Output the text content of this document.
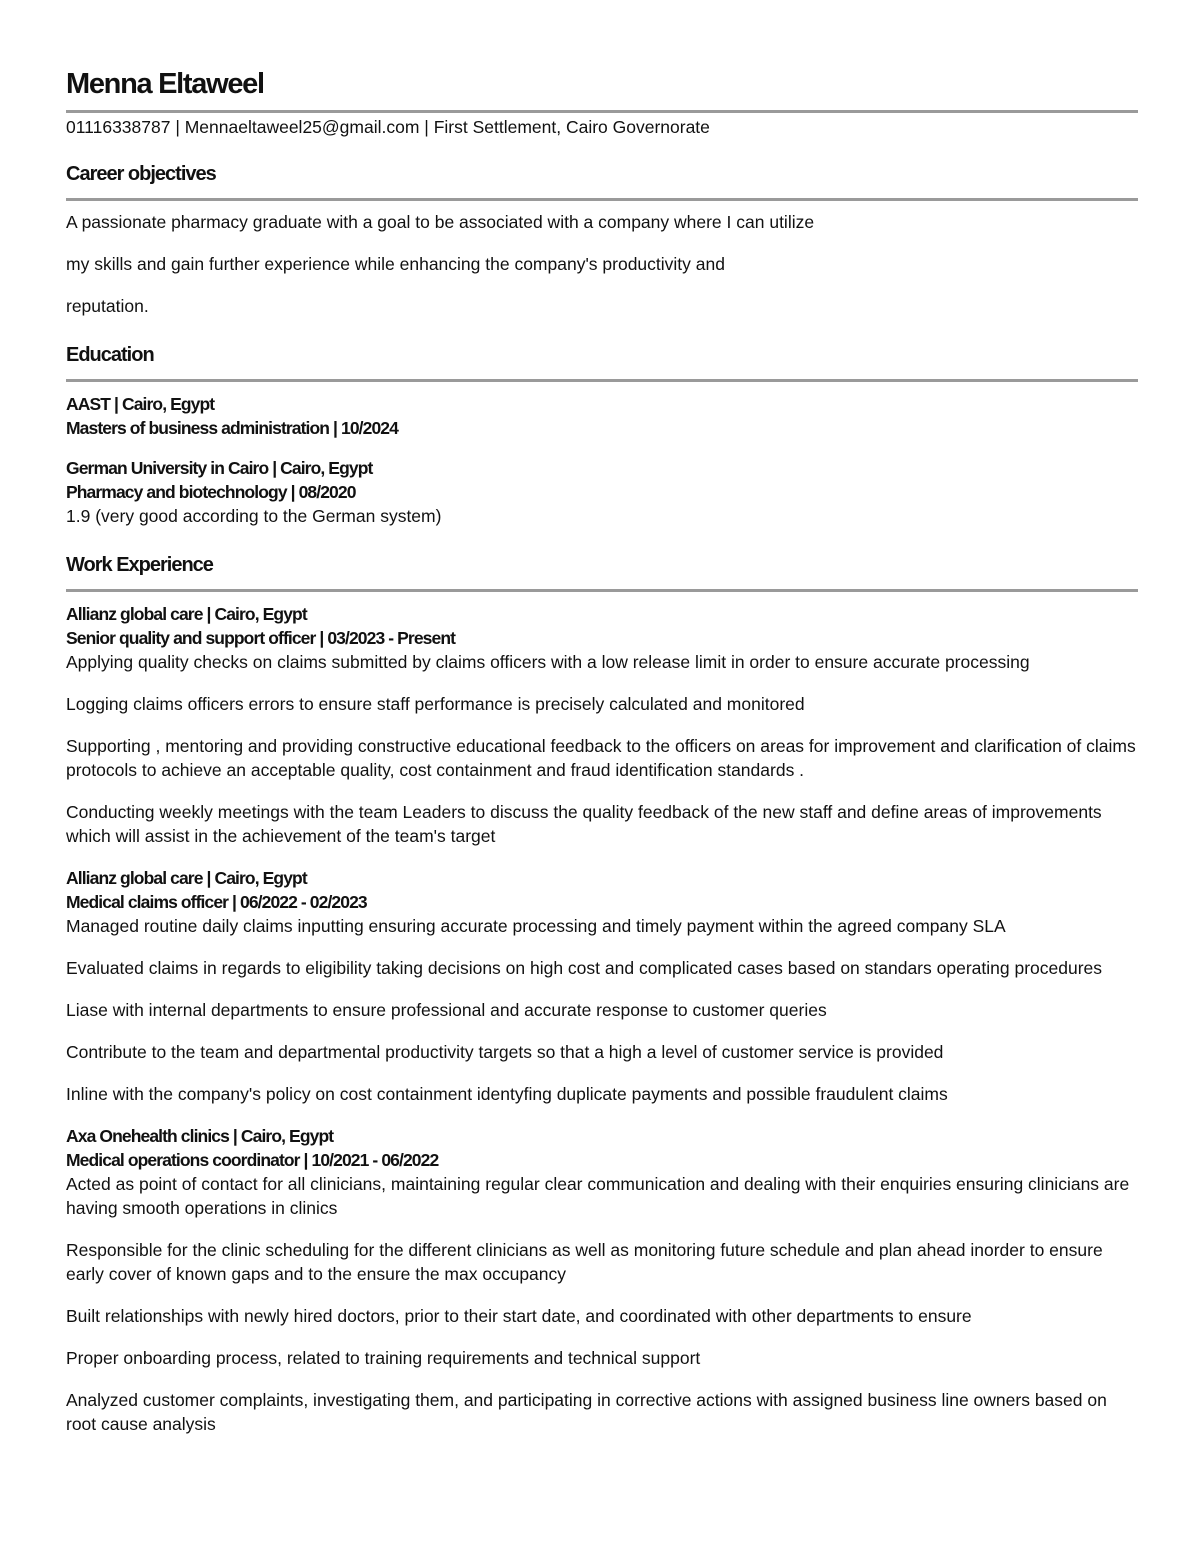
Menna Eltaweel

01116338787 | Mennaeltaweel25@gmail.com | First Settlement, Cairo Governorate

Career objectives

A passionate pharmacy graduate with a goal to be associated with a company where I can utilize

my skills and gain further experience while enhancing the company's productivity and

reputation.

Education

AAST | Cairo, Egypt

Masters of business administration | 10/2024

German University in Cairo | Cairo, Egypt

Pharmacy and biotechnology | 08/2020

1.9 (very good according to the German system)

Work Experience

Allianz global care | Cairo, Egypt

Senior quality and support officer | 03/2023 - Present

Applying quality checks on claims submitted by claims officers with a low release limit in order to ensure accurate processing

Logging claims officers errors to ensure staff performance is precisely calculated and monitored

Supporting , mentoring and providing constructive educational feedback to the officers on areas for improvement and clarification of claims protocols to achieve an acceptable quality, cost containment and fraud identification standards .

Conducting weekly meetings with the team Leaders to discuss the quality feedback of the new staff and define areas of improvements which will assist in the achievement of the team's target

Allianz global care | Cairo, Egypt

Medical claims officer | 06/2022 - 02/2023

Managed routine daily claims inputting ensuring accurate processing and timely payment within the agreed company SLA

Evaluated claims in regards to eligibility taking decisions on high cost and complicated cases based on standars operating procedures

Liase with internal departments to ensure professional and accurate response to customer queries

Contribute to the team and departmental productivity targets so that a high a level of customer service is provided

Inline with the company's policy on cost containment identyfing duplicate payments and possible fraudulent claims

Axa Onehealth clinics | Cairo, Egypt

Medical operations coordinator | 10/2021 - 06/2022

Acted as point of contact for all clinicians, maintaining regular clear communication and dealing with their enquiries ensuring clinicians are having smooth operations in clinics

Responsible for the clinic scheduling for the different clinicians as well as monitoring future schedule and plan ahead inorder to ensure early cover of known gaps and to the ensure the max occupancy

Built relationships with newly hired doctors, prior to their start date, and coordinated with other departments to ensure

Proper onboarding process, related to training requirements and technical support

Analyzed customer complaints, investigating them, and participating in corrective actions with assigned business line owners based on root cause analysis
